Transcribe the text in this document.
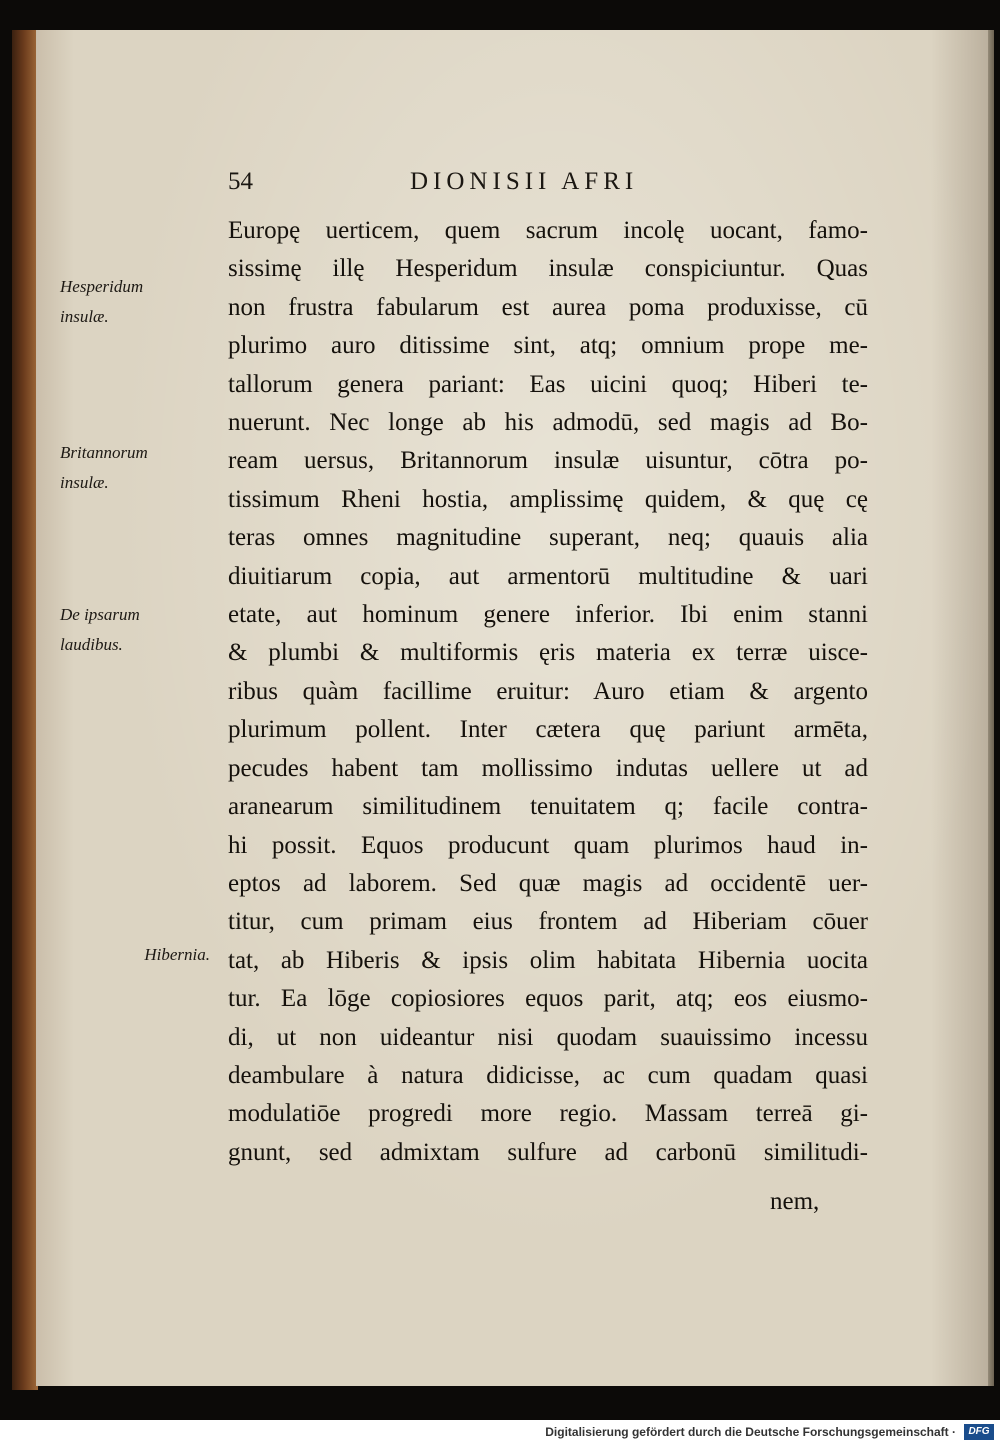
54	DIONISII AFRI
Hesperidum
insulæ.
Britannorum
insulæ.
De ipsarum
laudibus.
Hibernia.
Europę uerticem, quem sacrum incolę uocant, famo-
sissimę illę Hesperidum insulæ conspiciuntur. Quas
non frustra fabularum est aurea poma produxisse, cū
plurimo auro ditissime sint, atq; omnium prope me-
tallorum genera pariant: Eas uicini quoq; Hiberi te-
nuerunt. Nec longe ab his admodū, sed magis ad Bo-
ream uersus, Britannorum insulæ uisuntur, cōtra po-
tissimum Rheni hostia, amplissimę quidem, & quę cę
teras omnes magnitudine superant, neq; quauis alia
diuitiarum copia, aut armentorū multitudine & uari
etate, aut hominum genere inferior. Ibi enim stanni
& plumbi & multiformis ęris materia ex terræ uisce-
ribus quàm facillime eruitur: Auro etiam & argento
plurimum pollent. Inter cætera quę pariunt armēta,
pecudes habent tam mollissimo indutas uellere ut ad
aranearum similitudinem tenuitatem q; facile contra-
hi possit. Equos producunt quam plurimos haud in-
eptos ad laborem. Sed quæ magis ad occidentē uer-
titur, cum primam eius frontem ad Hiberiam cōuer
tat, ab Hiberis & ipsis olim habitata Hibernia uocita
tur. Ea lōge copiosiores equos parit, atq; eos eiusmo-
di, ut non uideantur nisi quodam suauissimo incessu
deambulare à natura didicisse, ac cum quadam quasi
modulatiōe progredi more regio. Massam terreā gi-
gnunt, sed admixtam sulfure ad carbonū similitudi-
nem,
Digitalisierung gefördert durch die Deutsche Forschungsgemeinschaft ·	DFG
